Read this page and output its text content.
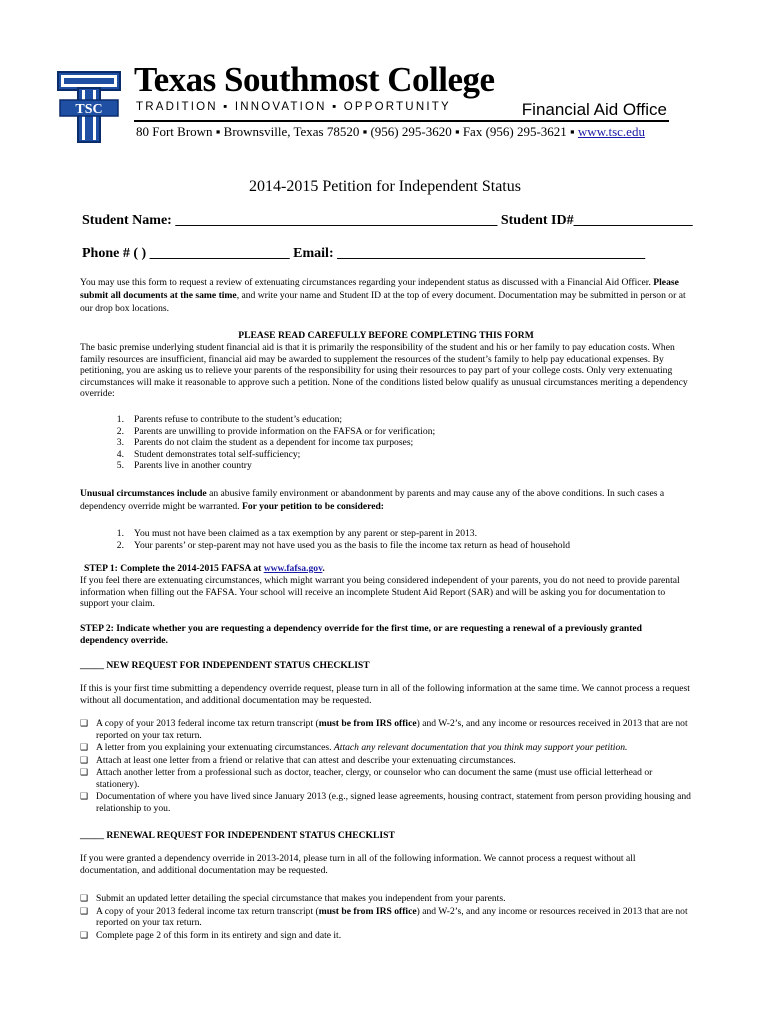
TSC
Texas Southmost College
TRADITION ▪ INNOVATION ▪ OPPORTUNITY	Financial Aid Office
80 Fort Brown ▪ Brownsville, Texas 78520 ▪ (956) 295-3620 ▪ Fax (956) 295-3621 ▪ www.tsc.edu
2014-2015 Petition for Independent Status
Student Name: ______________________________________________ Student ID#_________________
Phone # ( ) ____________________ Email: ____________________________________________

You may use this form to request a review of extenuating circumstances regarding your independent status as discussed with a Financial Aid Officer. Please submit all documents at the same time, and write your name and Student ID at the top of every document. Documentation may be submitted in person or at our drop box locations.

PLEASE READ CAREFULLY BEFORE COMPLETING THIS FORM
The basic premise underlying student financial aid is that it is primarily the responsibility of the student and his or her family to pay education costs. When family resources are insufficient, financial aid may be awarded to supplement the resources of the student’s family to help pay educational expenses. By petitioning, you are asking us to relieve your parents of the responsibility for using their resources to pay part of your college costs. Only very extenuating circumstances will make it reasonable to approve such a petition. None of the conditions listed below qualify as unusual circumstances meriting a dependency override:
1.	Parents refuse to contribute to the student’s education;
2.	Parents are unwilling to provide information on the FAFSA or for verification;
3.	Parents do not claim the student as a dependent for income tax purposes;
4.	Student demonstrates total self-sufficiency;
5.	Parents live in another country
Unusual circumstances include an abusive family environment or abandonment by parents and may cause any of the above conditions. In such cases a dependency override might be warranted. For your petition to be considered:
1.	You must not have been claimed as a tax exemption by any parent or step-parent in 2013.
2.	Your parents’ or step-parent may not have used you as the basis to file the income tax return as head of household
STEP 1: Complete the 2014-2015 FAFSA at www.fafsa.gov.
If you feel there are extenuating circumstances, which might warrant you being considered independent of your parents, you do not need to provide parental information when filling out the FAFSA. Your school will receive an incomplete Student Aid Report (SAR) and will be asking you for documentation to support your claim.
STEP 2: Indicate whether you are requesting a dependency override for the first time, or are requesting a renewal of a previously granted dependency override.
_____ NEW REQUEST FOR INDEPENDENT STATUS CHECKLIST
If this is your first time submitting a dependency override request, please turn in all of the following information at the same time. We cannot process a request without all documentation, and additional documentation may be requested.
❑ A copy of your 2013 federal income tax return transcript (must be from IRS office) and W-2’s, and any income or resources received in 2013 that are not reported on your tax return.
❑ A letter from you explaining your extenuating circumstances. Attach any relevant documentation that you think may support your petition.
❑ Attach at least one letter from a friend or relative that can attest and describe your extenuating circumstances.
❑ Attach another letter from a professional such as doctor, teacher, clergy, or counselor who can document the same (must use official letterhead or stationery).
❑ Documentation of where you have lived since January 2013 (e.g., signed lease agreements, housing contract, statement from person providing housing and relationship to you.
_____ RENEWAL REQUEST FOR INDEPENDENT STATUS CHECKLIST
If you were granted a dependency override in 2013-2014, please turn in all of the following information. We cannot process a request without all documentation, and additional documentation may be requested.
❑ Submit an updated letter detailing the special circumstance that makes you independent from your parents.
❑ A copy of your 2013 federal income tax return transcript (must be from IRS office) and W-2’s, and any income or resources received in 2013 that are not reported on your tax return.
❑ Complete page 2 of this form in its entirety and sign and date it.
